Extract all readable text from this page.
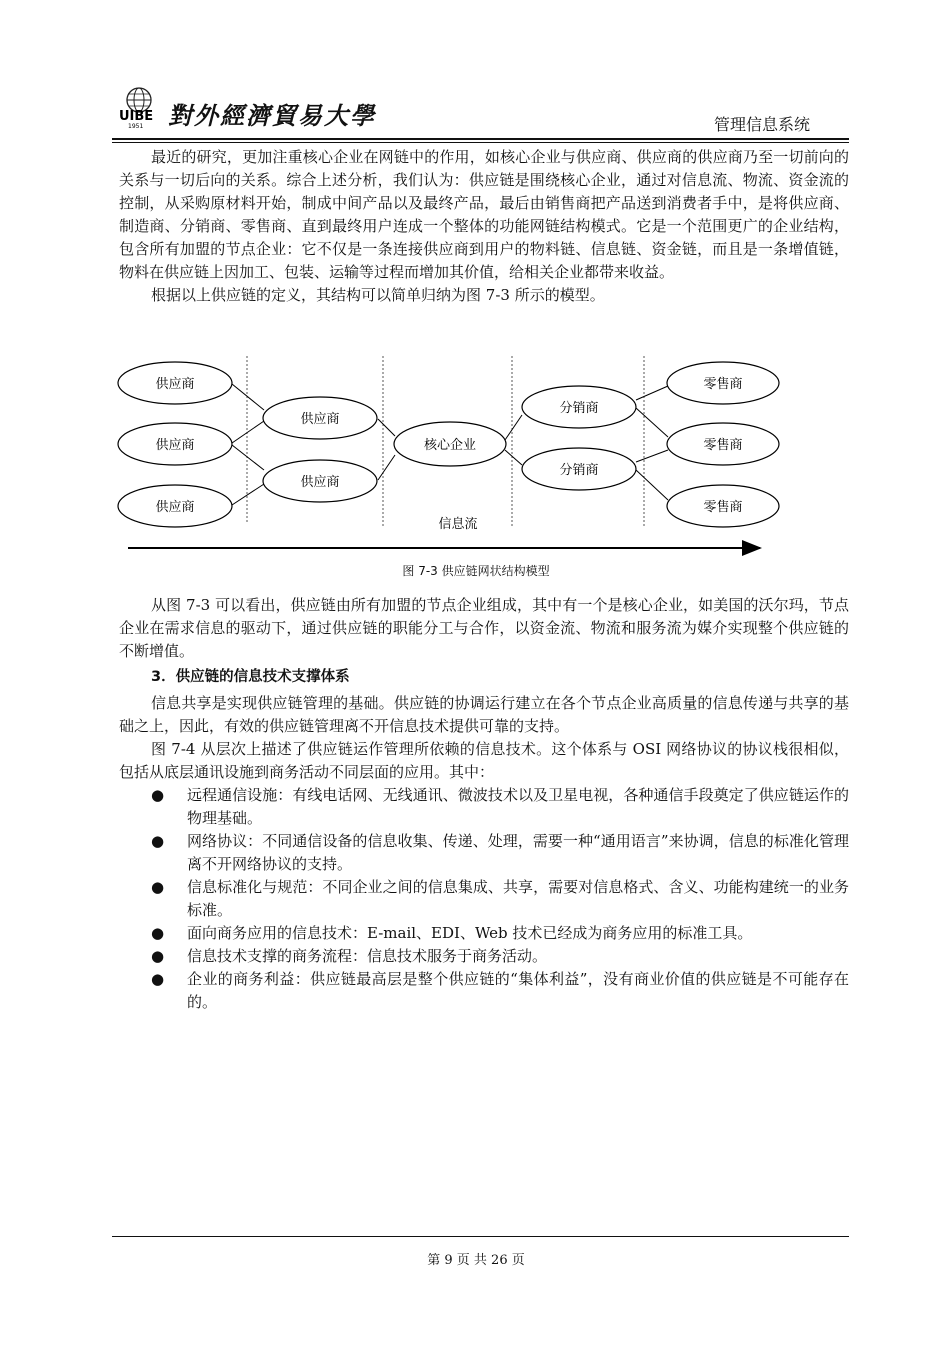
UIBE
1951 對外經濟貿易大學	管理信息系统

最近的研究，更加注重核心企业在网链中的作用，如核心企业与供应商、供应商的供应商乃至一切前向的关系与一切后向的关系。综合上述分析，我们认为：供应链是围绕核心企业，通过对信息流、物流、资金流的控制，从采购原材料开始，制成中间产品以及最终产品，最后由销售商把产品送到消费者手中，是将供应商、制造商、分销商、零售商、直到最终用户连成一个整体的功能网链结构模式。它是一个范围更广的企业结构，包含所有加盟的节点企业：它不仅是一条连接供应商到用户的物料链、信息链、资金链，而且是一条增值链，物料在供应链上因加工、包装、运输等过程而增加其价值，给相关企业都带来收益。

根据以上供应链的定义，其结构可以简单归纳为图 7-3 所示的模型。

供应商
供应商
供应商
供应商
供应商
核心企业
分销商
分销商
零售商
零售商
零售商
信息流
图 7-3 供应链网状结构模型

从图 7-3 可以看出，供应链由所有加盟的节点企业组成，其中有一个是核心企业，如美国的沃尔玛，节点企业在需求信息的驱动下，通过供应链的职能分工与合作，以资金流、物流和服务流为媒介实现整个供应链的不断增值。

3．供应链的信息技术支撑体系

信息共享是实现供应链管理的基础。供应链的协调运行建立在各个节点企业高质量的信息传递与共享的基础之上，因此，有效的供应链管理离不开信息技术提供可靠的支持。

图 7-4 从层次上描述了供应链运作管理所依赖的信息技术。这个体系与 OSI 网络协议的协议栈很相似，包括从底层通讯设施到商务活动不同层面的应用。其中：

● 远程通信设施：有线电话网、无线通讯、微波技术以及卫星电视，各种通信手段奠定了供应链运作的物理基础。
● 网络协议：不同通信设备的信息收集、传递、处理，需要一种“通用语言”来协调，信息的标准化管理离不开网络协议的支持。
● 信息标准化与规范：不同企业之间的信息集成、共享，需要对信息格式、含义、功能构建统一的业务标准。
● 面向商务应用的信息技术：E-mail、EDI、Web 技术已经成为商务应用的标准工具。
● 信息技术支撑的商务流程：信息技术服务于商务活动。
● 企业的商务利益：供应链最高层是整个供应链的“集体利益”，没有商业价值的供应链是不可能存在的。
第 9 页 共 26 页
